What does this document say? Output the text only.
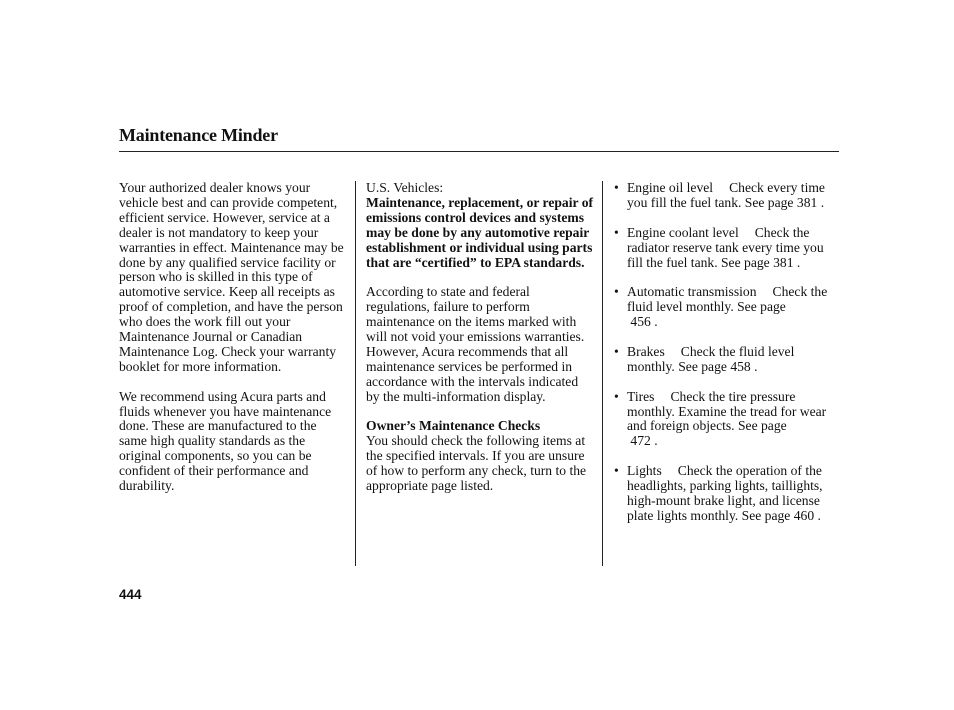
Maintenance Minder

Your authorized dealer knows your vehicle best and can provide competent, efficient service. However, service at a dealer is not mandatory to keep your warranties in effect. Maintenance may be done by any qualified service facility or person who is skilled in this type of automotive service. Keep all receipts as proof of completion, and have the person who does the work fill out your Maintenance Journal or Canadian Maintenance Log. Check your warranty booklet for more information.

We recommend using Acura parts and fluids whenever you have maintenance done. These are manufactured to the same high quality standards as the original components, so you can be confident of their performance and durability.

U.S. Vehicles:
Maintenance, replacement, or repair of emissions control devices and systems may be done by any automotive repair establishment or individual using parts that are “certified” to EPA standards.

According to state and federal regulations, failure to perform maintenance on the items marked withwill not void your emissions warranties. However, Acura recommends that all maintenance services be performed in accordance with the intervals indicated by the multi-information display.

Owner’s Maintenance Checks
You should check the following items at the specified intervals. If you are unsure of how to perform any check, turn to the appropriate page listed.

• Engine oil level Check every time you fill the fuel tank. See page 381 .
• Engine coolant level Check the radiator reserve tank every time you fill the fuel tank. See page 381 .
• Automatic transmission Check the fluid level monthly. See page
456 .
• Brakes Check the fluid level monthly. See page 458 .
• Tires Check the tire pressure monthly. Examine the tread for wear and foreign objects. See page
472 .
• Lights Check the operation of the headlights, parking lights, taillights, high-mount brake light, and license plate lights monthly. See page 460 .
444
